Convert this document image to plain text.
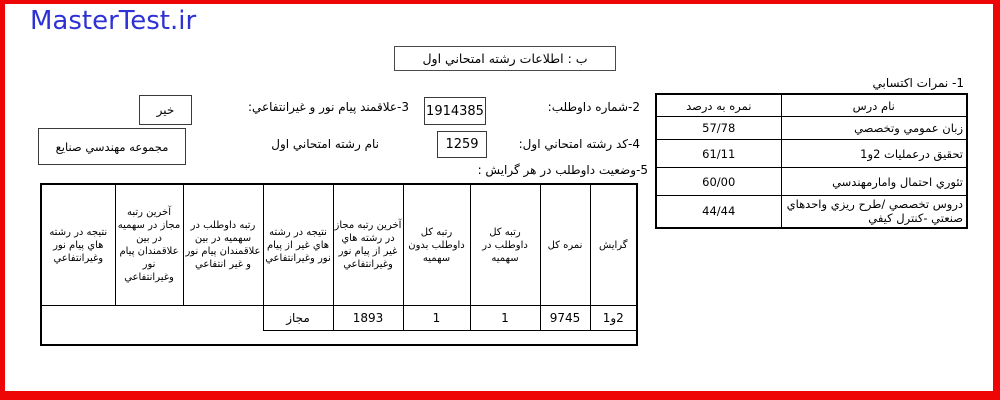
MasterTest.ir
ب : اطلاعات رشته امتحاني اول
1- نمرات اكتسابي
نام درس	نمره به درصد
زبان عمومي وتخصصي	57/78
تحقيق درعمليات 2و1	61/11
تئوري احتمال وامارمهندسي	60/00
دروس تخصصي /طرح ريزي واحدهاي صنعتي -كنترل كيفي	44/44
2-شماره داوطلب:
1914385
3-علاقمند پيام نور و غيرانتفاعي:
خير
4-كد رشته امتحاني اول:
1259
نام رشته امتحاني اول
مجموعه مهندسي صنايع
5-وضعيت داوطلب در هر گرايش :
گرايش	نمره كل	رتبه كل داوطلب در سهميه	رتبه كل داوطلب بدون سهميه	آخرين رتبه مجاز در رشته هاي غير از پيام نور وغيرانتفاعي	نتيجه در رشته هاي غير از پيام نور وغيرانتفاعي	رتبه داوطلب در سهميه در بين علاقمندان پيام نور و غير انتفاعي	آخرين رتبه مجاز در سهميه در بين علاقمندان پيام نور وغيرانتفاعي	نتيجه در رشته هاي پيام نور وغيرانتفاعي
2و1	9745	1	1	1893	مجاز			
